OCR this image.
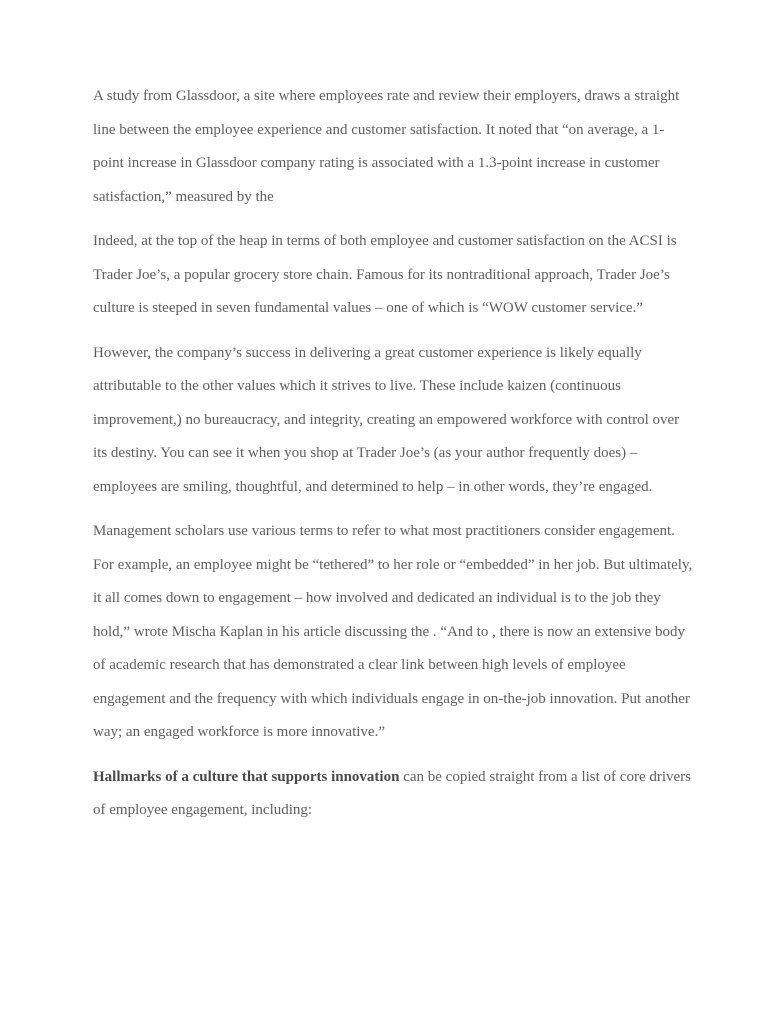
A study from Glassdoor, a site where employees rate and review their employers, draws a straight line between the employee experience and customer satisfaction. It noted that “on average, a 1-point increase in Glassdoor company rating is associated with a 1.3-point increase in customer satisfaction,” measured by the

Indeed, at the top of the heap in terms of both employee and customer satisfaction on the ACSI is Trader Joe’s, a popular grocery store chain. Famous for its nontraditional approach, Trader Joe’s culture is steeped in seven fundamental values – one of which is “WOW customer service.”

However, the company’s success in delivering a great customer experience is likely equally attributable to the other values which it strives to live. These include kaizen (continuous improvement,) no bureaucracy, and integrity, creating an empowered workforce with control over its destiny. You can see it when you shop at Trader Joe’s (as your author frequently does) – employees are smiling, thoughtful, and determined to help – in other words, they’re engaged.

Management scholars use various terms to refer to what most practitioners consider engagement. For example, an employee might be “tethered” to her role or “embedded” in her job. But ultimately, it all comes down to engagement – how involved and dedicated an individual is to the job they hold,” wrote Mischa Kaplan in his article discussing the . “And to , there is now an extensive body of academic research that has demonstrated a clear link between high levels of employee engagement and the frequency with which individuals engage in on-the-job innovation. Put another way; an engaged workforce is more innovative.”

Hallmarks of a culture that supports innovation can be copied straight from a list of core drivers of employee engagement, including:
